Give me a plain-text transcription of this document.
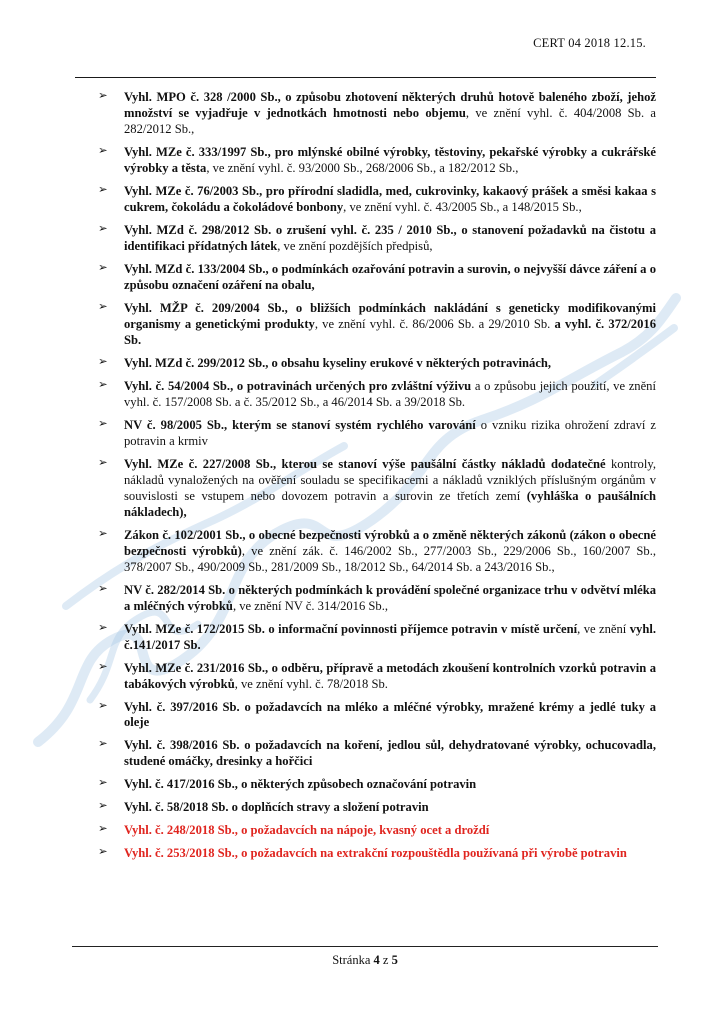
CERT 04 2018 12.15.
➢ Vyhl. MPO č. 328 /2000 Sb., o způsobu zhotovení některých druhů hotově baleného zboží, jehož množství se vyjadřuje v jednotkách hmotnosti nebo objemu, ve znění vyhl. č. 404/2008 Sb. a 282/2012 Sb.,
➢ Vyhl. MZe č. 333/1997 Sb., pro mlýnské obilné výrobky, těstoviny, pekařské výrobky a cukrářské výrobky a těsta, ve znění vyhl. č. 93/2000 Sb., 268/2006 Sb., a 182/2012 Sb.,
➢ Vyhl. MZe č. 76/2003 Sb., pro přírodní sladidla, med, cukrovinky, kakaový prášek a směsi kakaa s cukrem, čokoládu a čokoládové bonbony, ve znění vyhl. č. 43/2005 Sb., a 148/2015 Sb.,
➢ Vyhl. MZd č. 298/2012 Sb. o zrušení vyhl. č. 235 / 2010 Sb., o stanovení požadavků na čistotu a identifikaci přídatných látek, ve znění pozdějších předpisů,
➢ Vyhl. MZd č. 133/2004 Sb., o podmínkách ozařování potravin a surovin, o nejvyšší dávce záření a o způsobu označení ozáření na obalu,
➢ Vyhl. MŽP č. 209/2004 Sb., o bližších podmínkách nakládání s geneticky modifikovanými organismy a genetickými produkty, ve znění vyhl. č. 86/2006 Sb. a 29/2010 Sb. a vyhl. č. 372/2016 Sb.
➢ Vyhl. MZd č. 299/2012 Sb., o obsahu kyseliny erukové v některých potravinách,
➢ Vyhl. č. 54/2004 Sb., o potravinách určených pro zvláštní výživu a o způsobu jejich použití, ve znění vyhl. č. 157/2008 Sb. a č. 35/2012 Sb., a 46/2014 Sb. a 39/2018 Sb.
➢ NV č. 98/2005 Sb., kterým se stanoví systém rychlého varování o vzniku rizika ohrožení zdraví z potravin a krmiv
➢ Vyhl. MZe č. 227/2008 Sb., kterou se stanoví výše paušální částky nákladů dodatečné kontroly, nákladů vynaložených na ověření souladu se specifikacemi a nákladů vzniklých příslušným orgánům v souvislosti se vstupem nebo dovozem potravin a surovin ze třetích zemí (vyhláška o paušálních nákladech),
➢ Zákon č. 102/2001 Sb., o obecné bezpečnosti výrobků a o změně některých zákonů (zákon o obecné bezpečnosti výrobků), ve znění zák. č. 146/2002 Sb., 277/2003 Sb., 229/2006 Sb., 160/2007 Sb., 378/2007 Sb., 490/2009 Sb., 281/2009 Sb., 18/2012 Sb., 64/2014 Sb. a 243/2016 Sb.,
➢ NV č. 282/2014 Sb. o některých podmínkách k provádění společné organizace trhu v odvětví mléka a mléčných výrobků, ve znění NV č. 314/2016 Sb.,
➢ Vyhl. MZe č. 172/2015 Sb. o informační povinnosti příjemce potravin v místě určení, ve znění vyhl. č.141/2017 Sb.
➢ Vyhl. MZe č. 231/2016 Sb., o odběru, přípravě a metodách zkoušení kontrolních vzorků potravin a tabákových výrobků, ve znění vyhl. č. 78/2018 Sb.
➢ Vyhl. č. 397/2016 Sb. o požadavcích na mléko a mléčné výrobky, mražené krémy a jedlé tuky a oleje
➢ Vyhl. č. 398/2016 Sb. o požadavcích na koření, jedlou sůl, dehydratované výrobky, ochucovadla, studené omáčky, dresinky a hořčici
➢ Vyhl. č. 417/2016 Sb., o některých způsobech označování potravin
➢ Vyhl. č. 58/2018 Sb. o doplňcích stravy a složení potravin
➢ Vyhl. č. 248/2018 Sb., o požadavcích na nápoje, kvasný ocet a droždí
➢ Vyhl. č. 253/2018 Sb., o požadavcích na extrakční rozpouštědla používaná při výrobě potravin
Stránka 4 z 5
